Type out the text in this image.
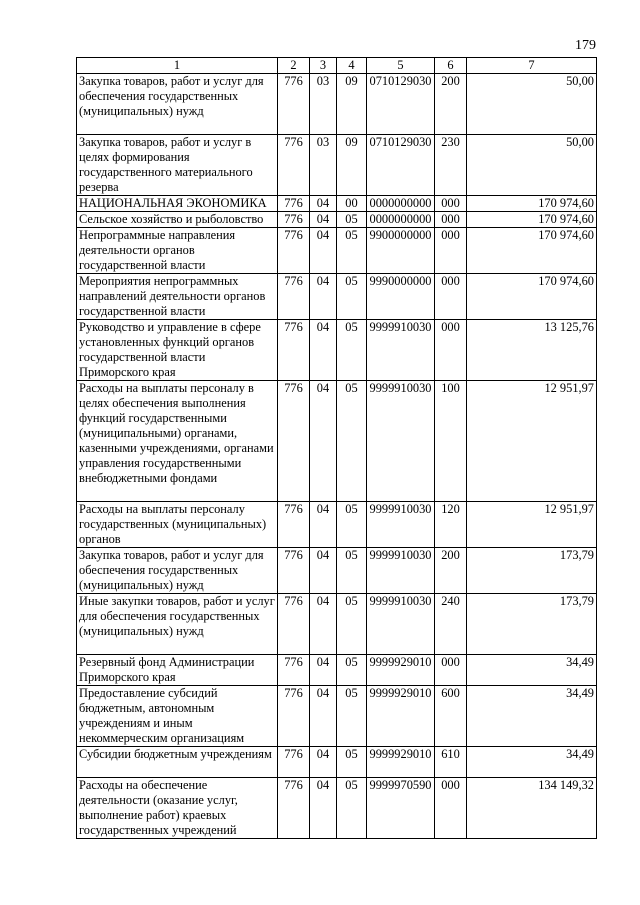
179
1	2	3	4	5	6	7
Закупка товаров, работ и услуг для обеспечения государственных (муниципальных) нужд	776	03	09	0710129030	200	50,00
Закупка товаров, работ и услуг в целях формирования государственного материального резерва	776	03	09	0710129030	230	50,00
НАЦИОНАЛЬНАЯ ЭКОНОМИКА	776	04	00	0000000000	000	170 974,60
Сельское хозяйство и рыболовство	776	04	05	0000000000	000	170 974,60
Непрограммные направления деятельности органов государственной власти	776	04	05	9900000000	000	170 974,60
Мероприятия непрограммных направлений деятельности органов государственной власти	776	04	05	9990000000	000	170 974,60
Руководство и управление в сфере установленных функций органов государственной власти Приморского края	776	04	05	9999910030	000	13 125,76
Расходы на выплаты персоналу в целях обеспечения выполнения функций государственными (муниципальными) органами, казенными учреждениями, органами управления государственными внебюджетными фондами	776	04	05	9999910030	100	12 951,97
Расходы на выплаты персоналу государственных (муниципальных) органов	776	04	05	9999910030	120	12 951,97
Закупка товаров, работ и услуг для обеспечения государственных (муниципальных) нужд	776	04	05	9999910030	200	173,79
Иные закупки товаров, работ и услуг для обеспечения государственных (муниципальных) нужд	776	04	05	9999910030	240	173,79
Резервный фонд Администрации Приморского края	776	04	05	9999929010	000	34,49
Предоставление субсидий бюджетным, автономным учреждениям и иным некоммерческим организациям	776	04	05	9999929010	600	34,49
Субсидии бюджетным учреждениям	776	04	05	9999929010	610	34,49
Расходы на обеспечение деятельности (оказание услуг, выполнение работ) краевых государственных учреждений	776	04	05	9999970590	000	134 149,32
